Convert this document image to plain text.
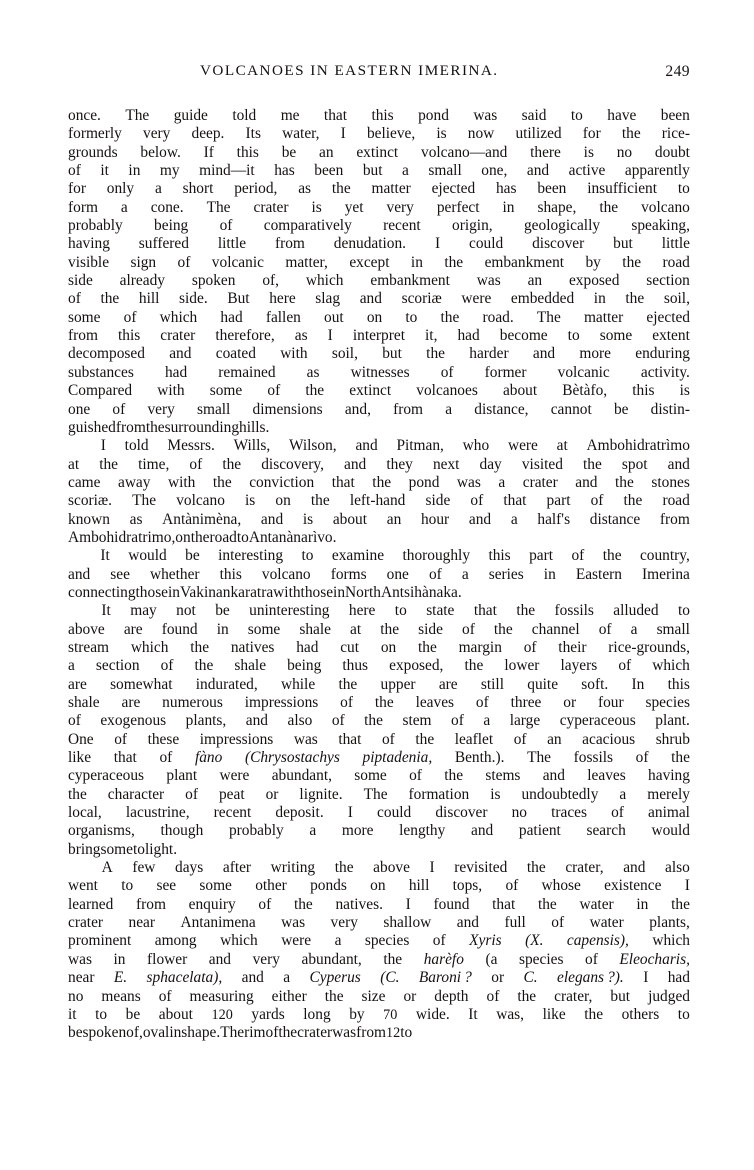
VOLCANOES IN EASTERN IMERINA.	249
once. The guide told me that this pond was said to have been
formerly very deep. Its water, I believe, is now utilized for the rice-
grounds below. If this be an extinct volcano—and there is no doubt
of it in my mind—it has been but a small one, and active apparently
for only a short period, as the matter ejected has been insufficient to
form a cone. The crater is yet very perfect in shape, the volcano
probably being of comparatively recent origin, geologically speaking,
having suffered little from denudation. I could discover but little
visible sign of volcanic matter, except in the embankment by the road
side already spoken of, which embankment was an exposed section
of the hill side. But here slag and scoriæ were embedded in the soil,
some of which had fallen out on to the road. The matter ejected
from this crater therefore, as I interpret it, had become to some extent
decomposed and coated with soil, but the harder and more enduring
substances had remained as witnesses of former volcanic activity.
Compared with some of the extinct volcanoes about Bètàfo, this is
one of very small dimensions and, from a distance, cannot be distin-
guished from the surrounding hills.
I told Messrs. Wills, Wilson, and Pitman, who were at Ambohidratrìmo
at the time, of the discovery, and they next day visited the spot and
came away with the conviction that the pond was a crater and the stones
scoriæ. The volcano is on the left-hand side of that part of the road
known as Antànimèna, and is about an hour and a half's distance from
Ambohidratrimo, on the road to Antanànarìvo.
It would be interesting to examine thoroughly this part of the country,
and see whether this volcano forms one of a series in Eastern Imerina
connecting those in Vakinankaratra with those in North Antsihànaka.
It may not be uninteresting here to state that the fossils alluded to
above are found in some shale at the side of the channel of a small
stream which the natives had cut on the margin of their rice-grounds,
a section of the shale being thus exposed, the lower layers of which
are somewhat indurated, while the upper are still quite soft. In this
shale are numerous impressions of the leaves of three or four species
of exogenous plants, and also of the stem of a large cyperaceous plant.
One of these impressions was that of the leaflet of an acacious shrub
like that of fàno (Chrysostachys piptadenia, Benth.). The fossils of the
cyperaceous plant were abundant, some of the stems and leaves having
the character of peat or lignite. The formation is undoubtedly a merely
local, lacustrine, recent deposit. I could discover no traces of animal
organisms, though probably a more lengthy and patient search would
bring some to light.
A few days after writing the above I revisited the crater, and also
went to see some other ponds on hill tops, of whose existence I
learned from enquiry of the natives. I found that the water in the
crater near Antanimena was very shallow and full of water plants,
prominent among which were a species of Xyris (X. capensis), which
was in flower and very abundant, the harèfo (a species of Eleocharis,
near E. sphacelata), and a Cyperus (C. Baroni ? or C. elegans ?). I had
no means of measuring either the size or depth of the crater, but judged
it to be about 120 yards long by 70 wide. It was, like the others to
be spoken of, oval in shape. The rim of the crater was from 12 to
